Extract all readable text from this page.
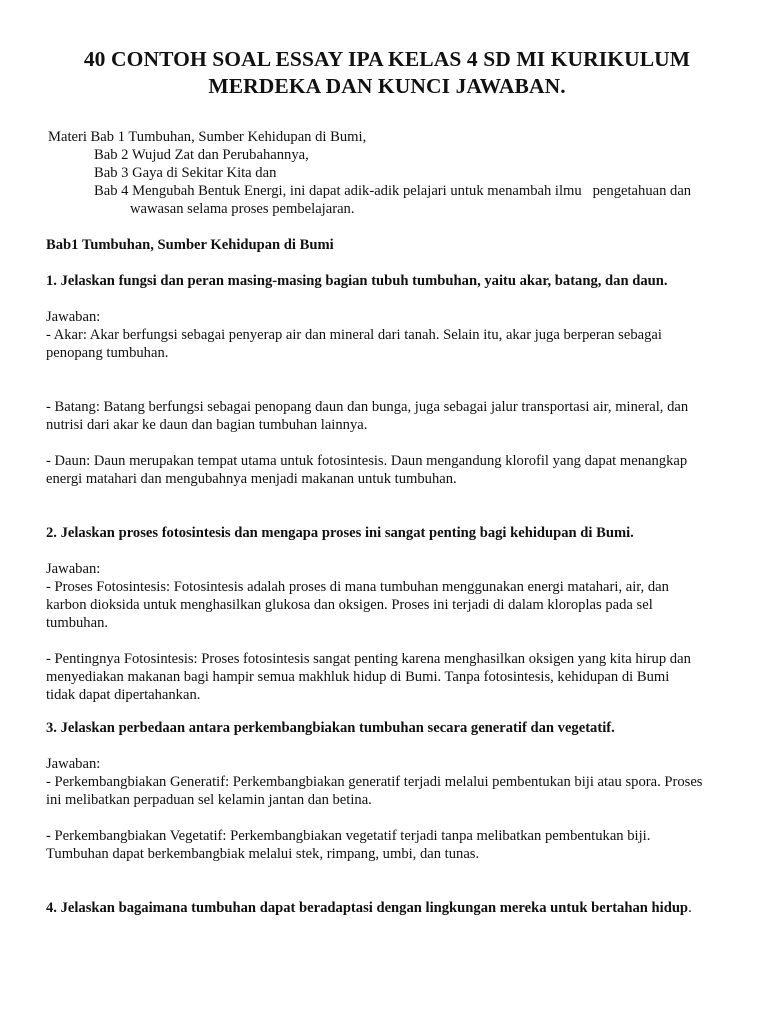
40 CONTOH SOAL ESSAY IPA KELAS 4 SD MI KURIKULUM
MERDEKA DAN KUNCI JAWABAN.

Materi Bab 1 Tumbuhan, Sumber Kehidupan di Bumi,

Bab 2 Wujud Zat dan Perubahannya,

Bab 3 Gaya di Sekitar Kita dan

Bab 4 Mengubah Bentuk Energi, ini dapat adik-adik pelajari untuk menambah ilmu   pengetahuan dan

wawasan selama proses pembelajaran.

Bab1 Tumbuhan, Sumber Kehidupan di Bumi

1. Jelaskan fungsi dan peran masing-masing bagian tubuh tumbuhan, yaitu akar, batang, dan daun.

Jawaban:

- Akar: Akar berfungsi sebagai penyerap air dan mineral dari tanah. Selain itu, akar juga berperan sebagai

penopang tumbuhan.

- Batang: Batang berfungsi sebagai penopang daun dan bunga, juga sebagai jalur transportasi air, mineral, dan

nutrisi dari akar ke daun dan bagian tumbuhan lainnya.

- Daun: Daun merupakan tempat utama untuk fotosintesis. Daun mengandung klorofil yang dapat menangkap

energi matahari dan mengubahnya menjadi makanan untuk tumbuhan.

2. Jelaskan proses fotosintesis dan mengapa proses ini sangat penting bagi kehidupan di Bumi.

Jawaban:

- Proses Fotosintesis: Fotosintesis adalah proses di mana tumbuhan menggunakan energi matahari, air, dan

karbon dioksida untuk menghasilkan glukosa dan oksigen. Proses ini terjadi di dalam kloroplas pada sel

tumbuhan.

- Pentingnya Fotosintesis: Proses fotosintesis sangat penting karena menghasilkan oksigen yang kita hirup dan

menyediakan makanan bagi hampir semua makhluk hidup di Bumi. Tanpa fotosintesis, kehidupan di Bumi

tidak dapat dipertahankan.

3. Jelaskan perbedaan antara perkembangbiakan tumbuhan secara generatif dan vegetatif.

Jawaban:

- Perkembangbiakan Generatif: Perkembangbiakan generatif terjadi melalui pembentukan biji atau spora. Proses

ini melibatkan perpaduan sel kelamin jantan dan betina.

- Perkembangbiakan Vegetatif: Perkembangbiakan vegetatif terjadi tanpa melibatkan pembentukan biji.

Tumbuhan dapat berkembangbiak melalui stek, rimpang, umbi, dan tunas.

4. Jelaskan bagaimana tumbuhan dapat beradaptasi dengan lingkungan mereka untuk bertahan hidup.
